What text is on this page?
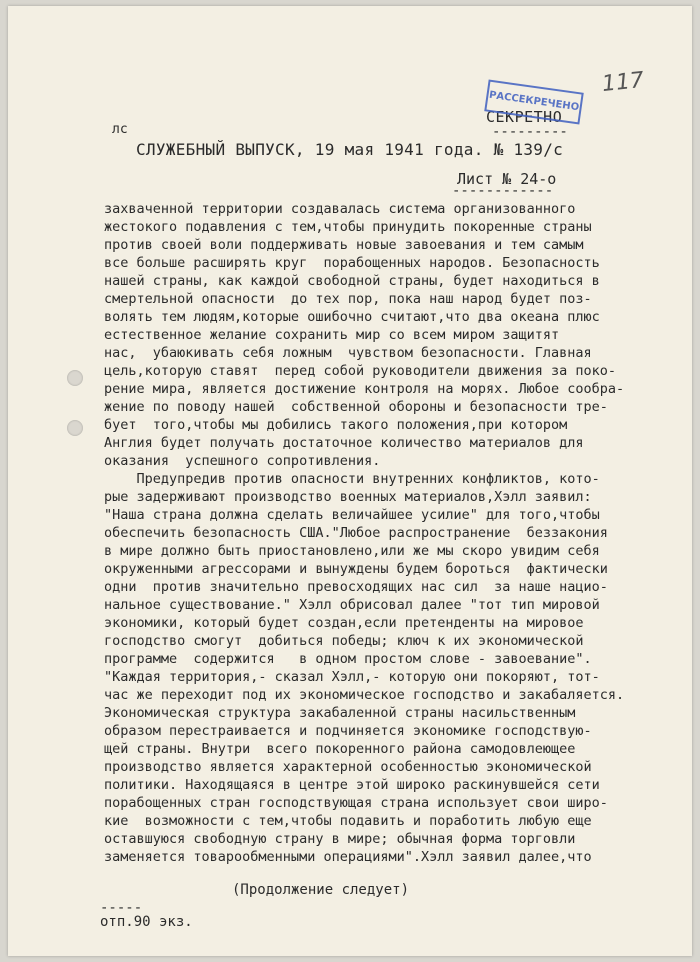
117
СЕКРЕТНО
---------
РАССЕКРЕЧЕНО
лс
СЛУЖЕБНЫЙ ВЫПУСК, 19 мая 1941 года. № 139/с
Лист № 24-о
------------
захваченной территории создавалась система организованного
жестокого подавления с тем,чтобы принудить покоренные страны
против своей воли поддерживать новые завоевания и тем самым
все больше расширять круг  порабощенных народов. Безопасность
нашей страны, как каждой свободной страны, будет находиться в
смертельной опасности  до тех пор, пока наш народ будет поз-
волять тем людям,которые ошибочно считают,что два океана плюс
естественное желание сохранить мир со всем миром защитят
нас,  убаюкивать себя ложным  чувством безопасности. Главная
цель,которую ставят  перед собой руководители движения за поко-
рение мира, является достижение контроля на морях. Любое сообра-
жение по поводу нашей  собственной обороны и безопасности тре-
бует  того,чтобы мы добились такого положения,при котором
Англия будет получать достаточное количество материалов для
оказания  успешного сопротивления.
Предупредив против опасности внутренних конфликтов, кото-
рые задерживают производство военных материалов,Хэлл заявил:
"Наша страна должна сделать величайшее усилие" для того,чтобы
обеспечить безопасность США."Любое распространение  беззакония
в мире должно быть приостановлено,или же мы скоро увидим себя
окруженными агрессорами и вынуждены будем бороться  фактически
одни  против значительно превосходящих нас сил  за наше нацио-
нальное существование." Хэлл обрисовал далее "тот тип мировой
экономики, который будет создан,если претенденты на мировое
господство смогут  добиться победы; ключ к их экономической
программе  содержится   в одном простом слове - завоевание".
"Каждая территория,- сказал Хэлл,- которую они покоряют, тот-
час же переходит под их экономическое господство и закабаляется.
Экономическая структура закабаленной страны насильственным
образом перестраивается и подчиняется экономике господствую-
щей страны. Внутри  всего покоренного района самодовлеющее
производство является характерной особенностью экономической
политики. Находящаяся в центре этой широко раскинувшейся сети
порабощенных стран господствующая страна использует свои широ-
кие  возможности с тем,чтобы подавить и поработить любую еще
оставшуюся свободную страну в мире; обычная форма торговли
заменяется товарообменными операциями".Хэлл заявил далее,что
(Продолжение следует)
-----
отп.90 экз.
